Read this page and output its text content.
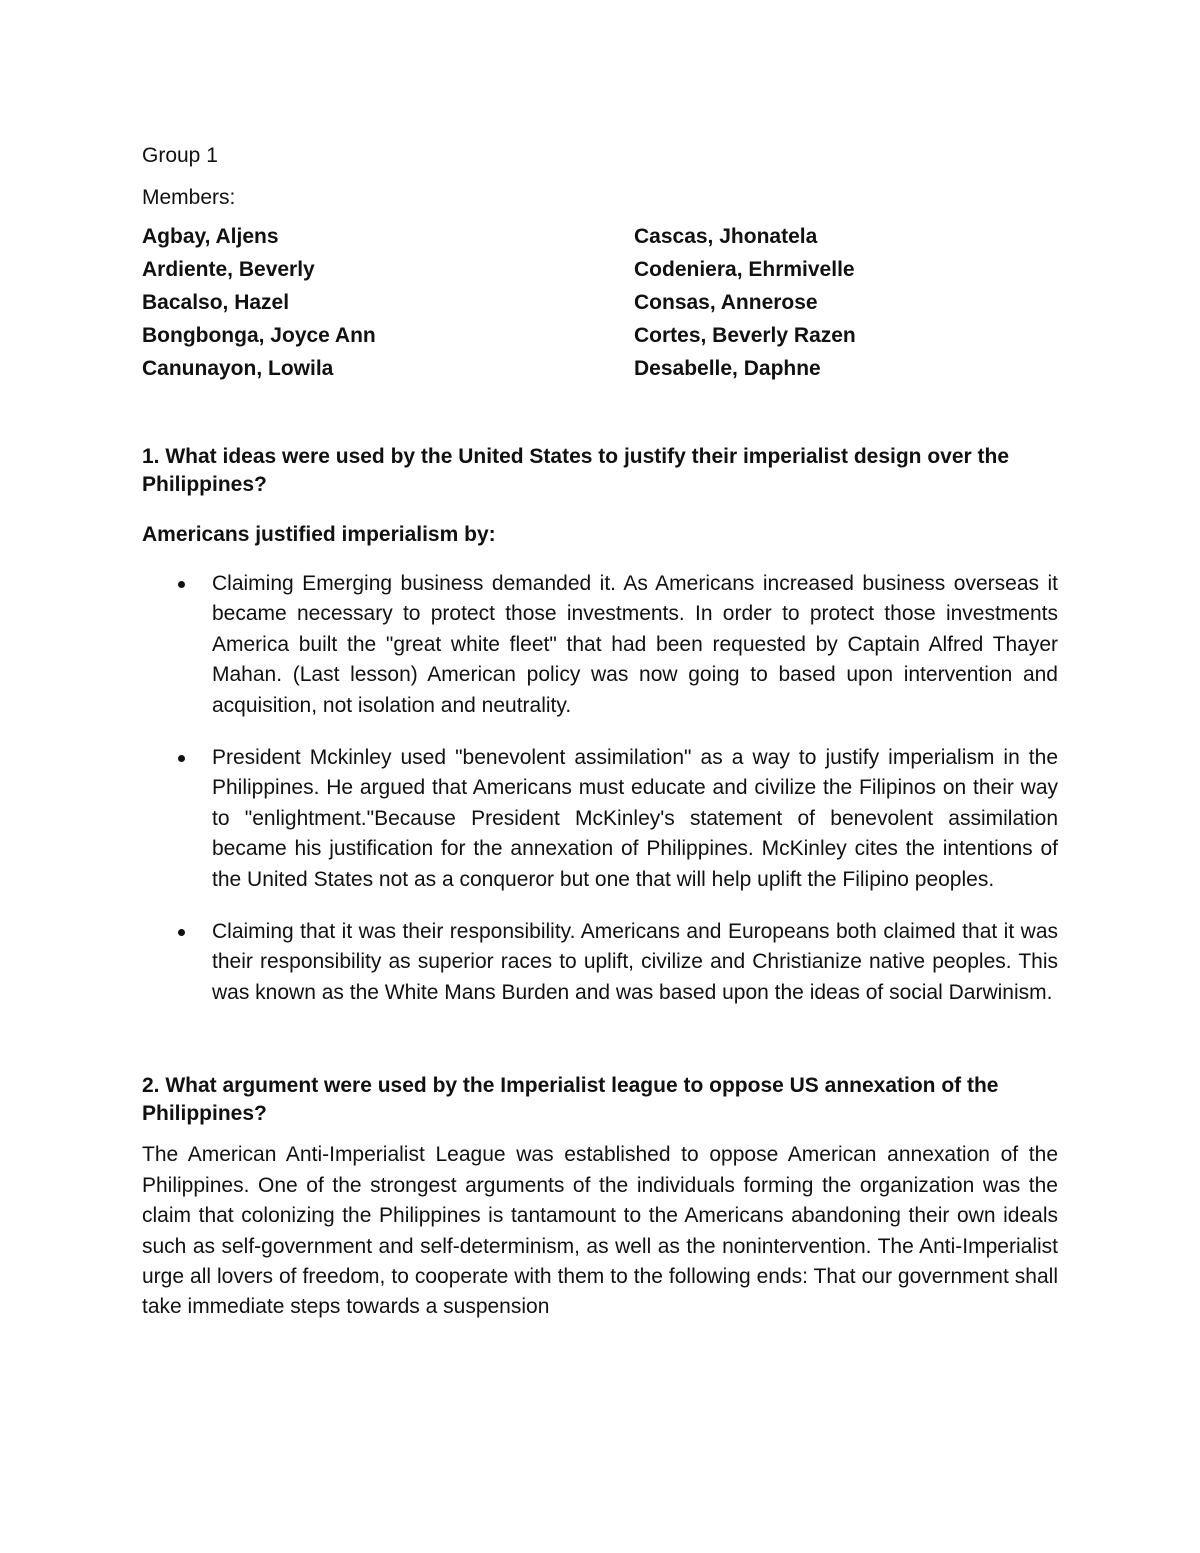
Group 1

Members:

Agbay, Aljens
Ardiente, Beverly
Bacalso, Hazel
Bongbonga, Joyce Ann
Canunayon, Lowila
Cascas, Jhonatela
Codeniera, Ehrmivelle
Consas, Annerose
Cortes, Beverly Razen
Desabelle, Daphne

1. What ideas were used by the United States to justify their imperialist design over the Philippines?

Americans justified imperialism by:

Claiming Emerging business demanded it. As Americans increased business overseas it became necessary to protect those investments. In order to protect those investments America built the "great white fleet" that had been requested by Captain Alfred Thayer Mahan. (Last lesson) American policy was now going to based upon intervention and acquisition, not isolation and neutrality.
President Mckinley used "benevolent assimilation" as a way to justify imperialism in the Philippines. He argued that Americans must educate and civilize the Filipinos on their way to "enlightment."Because President McKinley's statement of benevolent assimilation became his justification for the annexation of Philippines. McKinley cites the intentions of the United States not as a conqueror but one that will help uplift the Filipino peoples.
Claiming that it was their responsibility. Americans and Europeans both claimed that it was their responsibility as superior races to uplift, civilize and Christianize native peoples. This was known as the White Mans Burden and was based upon the ideas of social Darwinism.

2. What argument were used by the Imperialist league to oppose US annexation of the Philippines?

The American Anti-Imperialist League was established to oppose American annexation of the Philippines. One of the strongest arguments of the individuals forming the organization was the claim that colonizing the Philippines is tantamount to the Americans abandoning their own ideals such as self-government and self-determinism, as well as the nonintervention. The Anti-Imperialist urge all lovers of freedom, to cooperate with them to the following ends: That our government shall take immediate steps towards a suspension
